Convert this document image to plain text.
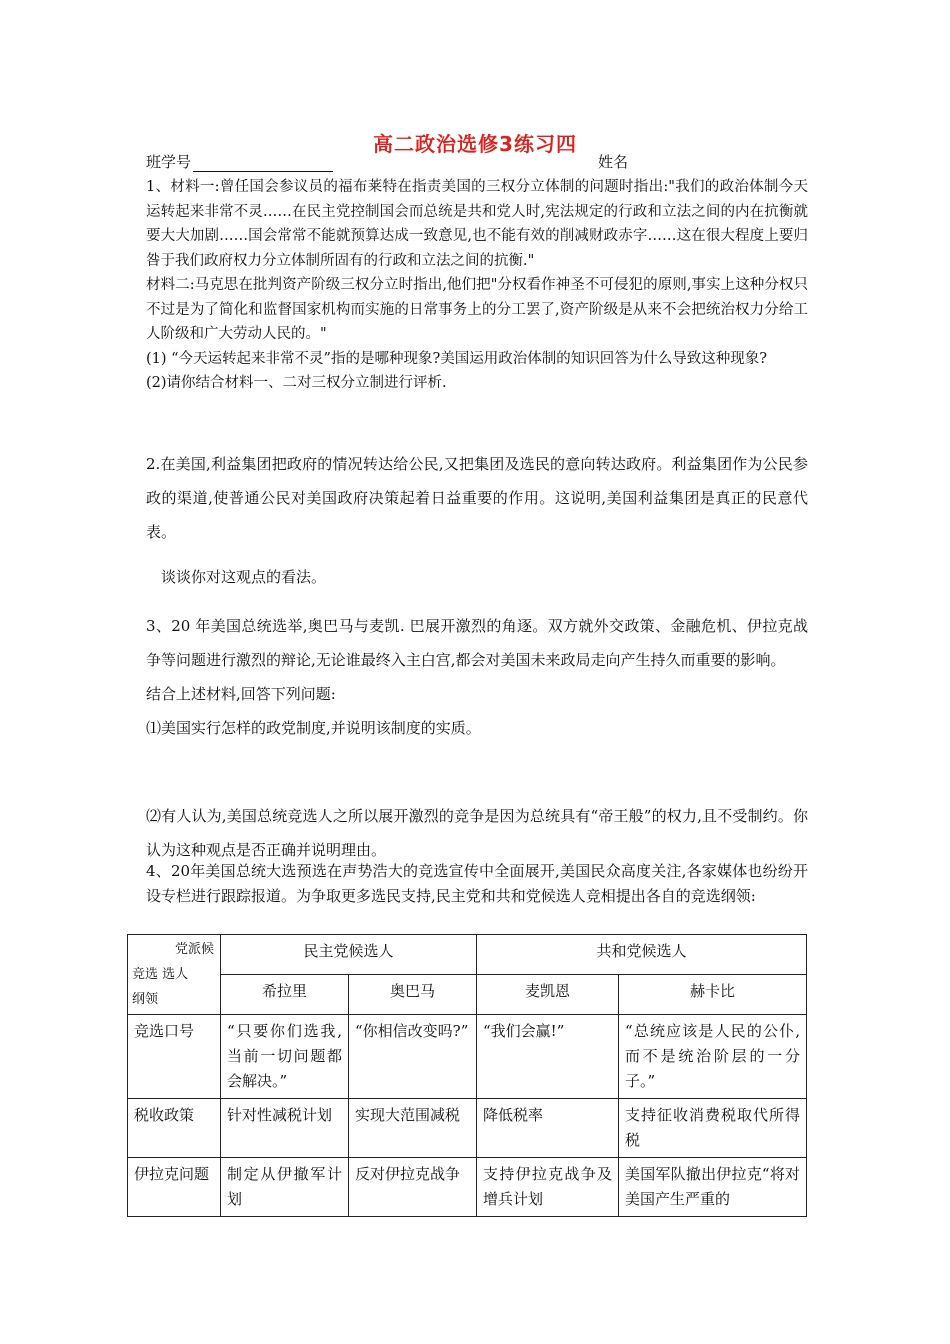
高二政治选修3练习四
班学号	姓名

1、材料一:曾任国会参议员的福布莱特在指责美国的三权分立体制的问题时指出:"我们的政治体制今天运转起来非常不灵……在民主党控制国会而总统是共和党人时,宪法规定的行政和立法之间的内在抗衡就要大大加剧……国会常常不能就预算达成一致意见,也不能有效的削减财政赤字……这在很大程度上要归咎于我们政府权力分立体制所固有的行政和立法之间的抗衡."

材料二:马克思在批判资产阶级三权分立时指出,他们把"分权看作神圣不可侵犯的原则,事实上这种分权只不过是为了简化和监督国家机构而实施的日常事务上的分工罢了,资产阶级是从来不会把统治权力分给工人阶级和广大劳动人民的。"

(1) “今天运转起来非常不灵”指的是哪种现象?美国运用政治体制的知识回答为什么导致这种现象?

(2)请你结合材料一、二对三权分立制进行评析.

2.在美国,利益集团把政府的情况转达给公民,又把集团及选民的意向转达政府。利益集团作为公民参政的渠道,使普通公民对美国政府决策起着日益重要的作用。这说明,美国利益集团是真正的民意代表。

谈谈你对这观点的看法。

3、20 年美国总统选举,奥巴马与麦凯. 巴展开激烈的角逐。双方就外交政策、金融危机、伊拉克战争等问题进行激烈的辩论,无论谁最终入主白宫,都会对美国未来政局走向产生持久而重要的影响。

结合上述材料,回答下列问题:

⑴美国实行怎样的政党制度,并说明该制度的实质。

⑵有人认为,美国总统竞选人之所以展开激烈的竞争是因为总统具有“帝王般”的权力,且不受制约。你认为这种观点是否正确并说明理由。
4、20年美国总统大选预选在声势浩大的竞选宣传中全面展开,美国民众高度关注,各家媒体也纷纷开设专栏进行跟踪报道。为争取更多选民支持,民主党和共和党候选人竞相提出各自的竞选纲领:
党派候
竞选 选人
纲领	民主党候选人		共和党候选人	
	希拉里	奥巴马	麦凯恩	赫卡比
竞选口号	“只要你们选我,当前一切问题都会解决。”	“你相信改变吗?”	“我们会赢!”	“总统应该是人民的公仆,而不是统治阶层的一分子。”
税收政策	针对性减税计划	实现大范围减税	降低税率	支持征收消费税取代所得税
伊拉克问题	制定从伊撤军计划	反对伊拉克战争	支持伊拉克战争及增兵计划	美国军队撤出伊拉克“将对美国产生严重的
